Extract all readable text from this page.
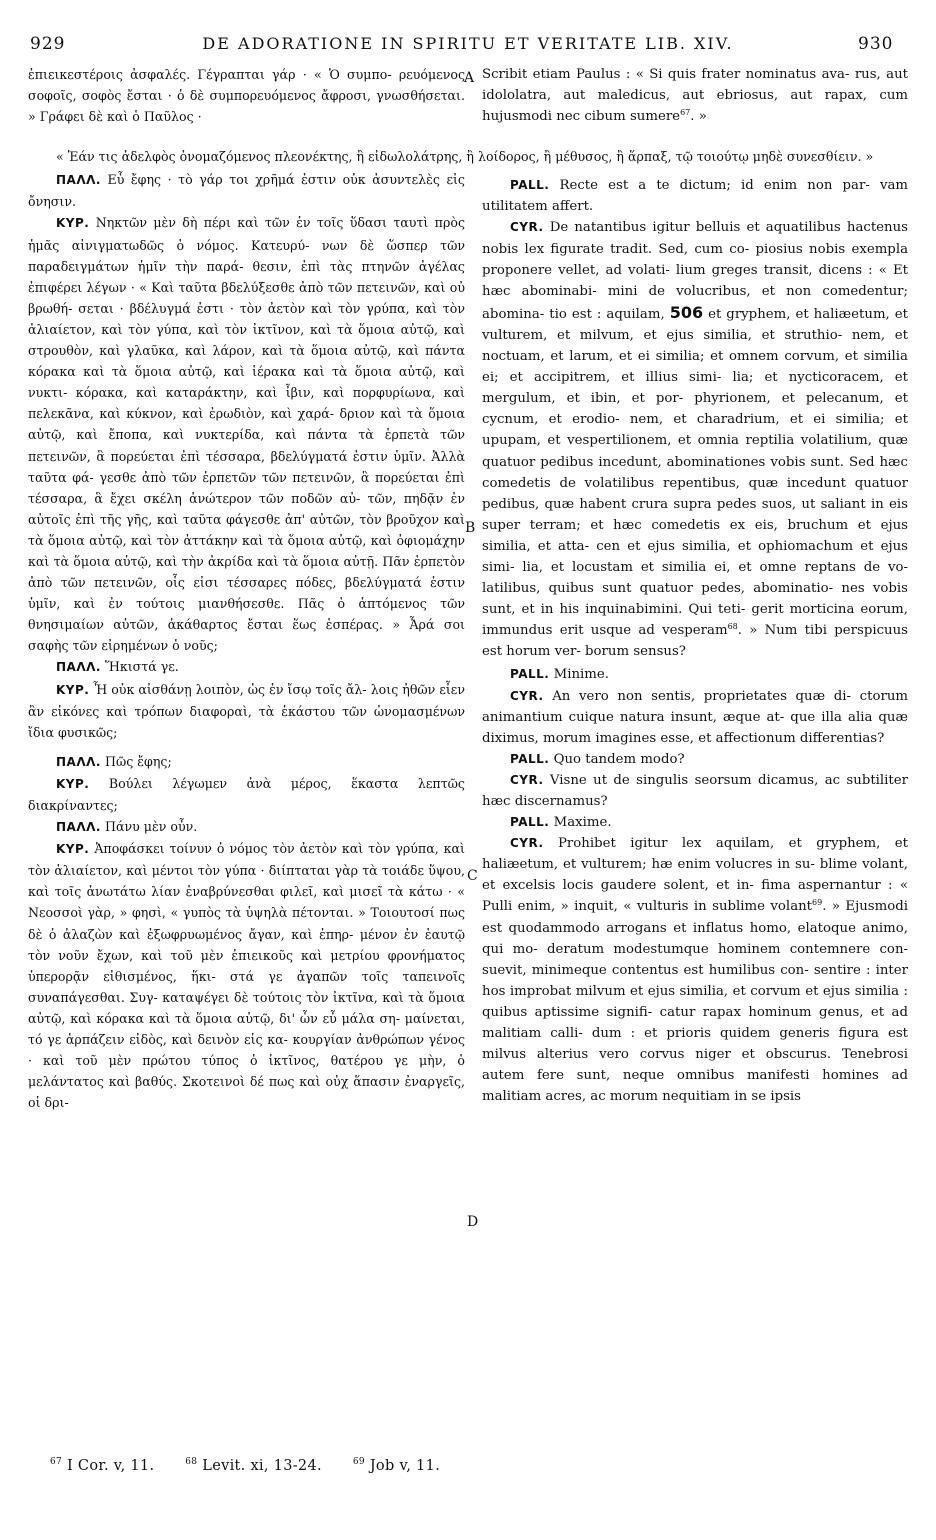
929	DE ADORATIONE IN SPIRITU ET VERITATE LIB. XIV.	930
A
B
C
D

« Ἐάν τις ἀδελφὸς ὀνομαζόμενος πλεονέκτης, ἢ εἰδωλολάτρης, ἢ λοίδορος, ἢ μέθυσος, ἢ ἅρπαξ, τῷ τοιούτῳ μηδὲ συνεσθίειν. »

ἐπιεικεστέροις ἀσφαλές. Γέγραπται γάρ · « Ὁ συμπο- ρευόμενος σοφοῖς, σοφὸς ἔσται · ὁ δὲ συμπορευόμενος ἄφροσι, γνωσθήσεται. » Γράφει δὲ καὶ ὁ Παῦλος ·

ΠΑΛΛ. Εὖ ἔφης · τὸ γάρ τοι χρῆμά ἐστιν οὐκ ἀσυντελὲς εἰς ὄνησιν.

ΚΥΡ. Νηκτῶν μὲν δὴ πέρι καὶ τῶν ἐν τοῖς ὕδασι ταυτὶ πρὸς ἡμᾶς αἰνιγματωδῶς ὁ νόμος. Κατευρύ- νων δὲ ὥσπερ τῶν παραδειγμάτων ἡμῖν τὴν παρά- θεσιν, ἐπὶ τὰς πτηνῶν ἀγέλας ἐπιφέρει λέγων · « Καὶ ταῦτα βδελύξεσθε ἀπὸ τῶν πετεινῶν, καὶ οὐ βρωθή- σεται · βδέλυγμά ἐστι · τὸν ἀετὸν καὶ τὸν γρύπα, καὶ τὸν ἁλιαίετον, καὶ τὸν γύπα, καὶ τὸν ἰκτῖνον, καὶ τὰ ὅμοια αὐτῷ, καὶ στρουθὸν, καὶ γλαῦκα, καὶ λάρον, καὶ τὰ ὅμοια αὐτῷ, καὶ πάντα κόρακα καὶ τὰ ὅμοια αὐτῷ, καὶ ἱέρακα καὶ τὰ ὅμοια αὐτῷ, καὶ νυκτι- κόρακα, καὶ καταράκτην, καὶ ἶβιν, καὶ πορφυρίωνα, καὶ πελεκᾶνα, καὶ κύκνον, καὶ ἐρωδιὸν, καὶ χαρά- δριον καὶ τὰ ὅμοια αὐτῷ, καὶ ἔποπα, καὶ νυκτερίδα, καὶ πάντα τὰ ἑρπετὰ τῶν πετεινῶν, ἃ πορεύεται ἐπὶ τέσσαρα, βδελύγματά ἐστιν ὑμῖν. Ἀλλὰ ταῦτα φά- γεσθε ἀπὸ τῶν ἑρπετῶν τῶν πετεινῶν, ἃ πορεύεται ἐπὶ τέσσαρα, ἃ ἔχει σκέλη ἀνώτερον τῶν ποδῶν αὐ- τῶν, πηδᾷν ἐν αὐτοῖς ἐπὶ τῆς γῆς, καὶ ταῦτα φάγεσθε ἀπ' αὐτῶν, τὸν βροῦχον καὶ τὰ ὅμοια αὐτῷ, καὶ τὸν ἀττάκην καὶ τὰ ὅμοια αὐτῷ, καὶ ὀφιομάχην καὶ τὰ ὅμοια αὐτῷ, καὶ τὴν ἀκρίδα καὶ τὰ ὅμοια αὐτῇ. Πᾶν ἑρπετὸν ἀπὸ τῶν πετεινῶν, οἷς εἰσι τέσσαρες πόδες, βδελύγματά ἐστιν ὑμῖν, καὶ ἐν τούτοις μιανθήσεσθε. Πᾶς ὁ ἁπτόμενος τῶν θνησιμαίων αὐτῶν, ἀκάθαρτος ἔσται ἕως ἑσπέρας. » Ἆρά σοι σαφὴς τῶν εἰρημένων ὁ νοῦς;

ΠΑΛΛ. Ἥκιστά γε.

ΚΥΡ. Ἦ οὐκ αἰσθάνῃ λοιπὸν, ὡς ἐν ἴσῳ τοῖς ἄλ- λοις ἠθῶν εἶεν ἂν εἰκόνες καὶ τρόπων διαφοραὶ, τὰ ἑκάστου τῶν ὠνομασμένων ἴδια φυσικῶς;

ΠΑΛΛ. Πῶς ἔφης;

ΚΥΡ. Βούλει λέγωμεν ἀνὰ μέρος, ἕκαστα λεπτῶς διακρίναντες;

ΠΑΛΛ. Πάνυ μὲν οὖν.

ΚΥΡ. Ἀποφάσκει τοίνυν ὁ νόμος τὸν ἀετὸν καὶ τὸν γρύπα, καὶ τὸν ἁλιαίετον, καὶ μέντοι τὸν γύπα · διίπταται γὰρ τὰ τοιάδε ὕψου, καὶ τοῖς ἀνωτάτω λίαν ἐναβρύνεσθαι φιλεῖ, καὶ μισεῖ τὰ κάτω · « Νεοσσοὶ γὰρ, » φησὶ, « γυπὸς τὰ ὑψηλὰ πέτονται. » Τοιουτοσί πως δὲ ὁ ἀλαζὼν καὶ ἐξωφρυωμένος ἄγαν, καὶ ἐπηρ- μένον ἐν ἑαυτῷ τὸν νοῦν ἔχων, καὶ τοῦ μὲν ἐπιεικοῦς καὶ μετρίου φρονήματος ὑπερορᾷν εἰθισμένος, ἥκι- στά γε ἀγαπῶν τοῖς ταπεινοῖς συναπάγεσθαι. Συγ- καταψέγει δὲ τούτοις τὸν ἰκτῖνα, καὶ τὰ ὅμοια αὐτῷ, καὶ κόρακα καὶ τὰ ὅμοια αὐτῷ, δι' ὧν εὖ μάλα ση- μαίνεται, τό γε ἁρπάζειν εἰδὸς, καὶ δεινὸν εἰς κα- κουργίαν ἀνθρώπων γένος · καὶ τοῦ μὲν πρώτου τύπος ὁ ἰκτῖνος, θατέρου γε μὴν, ὁ μελάντατος καὶ βαθύς. Σκοτεινοὶ δέ πως καὶ οὐχ ἅπασιν ἐναργεῖς, οἱ δρι-

Scribit etiam Paulus : « Si quis frater nominatus ava- rus, aut idololatra, aut maledicus, aut ebriosus, aut rapax, cum hujusmodi nec cibum sumere$^{67}$. »

PALL. Recte est a te dictum; id enim non par- vam utilitatem affert.

CYR. De natantibus igitur belluis et aquatilibus hactenus nobis lex figurate tradit. Sed, cum co- piosius nobis exempla proponere vellet, ad volati- lium greges transit, dicens : « Et hæc abominabi- mini de volucribus, et non comedentur; abomina- tio est : aquilam, 506 et gryphem, et haliæetum, et vulturem, et milvum, et ejus similia, et struthio- nem, et noctuam, et larum, et ei similia; et omnem corvum, et similia ei; et accipitrem, et illius simi- lia; et nycticoracem, et mergulum, et ibin, et por- phyrionem, et pelecanum, et cycnum, et erodio- nem, et charadrium, et ei similia; et upupam, et vespertilionem, et omnia reptilia volatilium, quæ quatuor pedibus incedunt, abominationes vobis sunt. Sed hæc comedetis de volatilibus repentibus, quæ incedunt quatuor pedibus, quæ habent crura supra pedes suos, ut saliant in eis super terram; et hæc comedetis ex eis, bruchum et ejus similia, et atta- cen et ejus similia, et ophiomachum et ejus simi- lia, et locustam et similia ei, et omne reptans de vo- latilibus, quibus sunt quatuor pedes, abominatio- nes vobis sunt, et in his inquinabimini. Qui teti- gerit morticina eorum, immundus erit usque ad vesperam$^{68}$. » Num tibi perspicuus est horum ver- borum sensus?

PALL. Minime.

CYR. An vero non sentis, proprietates quæ di- ctorum animantium cuique natura insunt, æque at- que illa alia quæ diximus, morum imagines esse, et affectionum differentias?

PALL. Quo tandem modo?

CYR. Visne ut de singulis seorsum dicamus, ac subtiliter hæc discernamus?

PALL. Maxime.

CYR. Prohibet igitur lex aquilam, et gryphem, et haliæetum, et vulturem; hæ enim volucres in su- blime volant, et excelsis locis gaudere solent, et in- fima aspernantur : « Pulli enim, » inquit, « vulturis in sublime volant$^{69}$. » Ejusmodi est quodammodo arrogans et inflatus homo, elatoque animo, qui mo- deratum modestumque hominem contemnere con- suevit, minimeque contentus est humilibus con- sentire : inter hos improbat milvum et ejus similia, et corvum et ejus similia : quibus aptissime signifi- catur rapax hominum genus, et ad malitiam calli- dum : et prioris quidem generis figura est milvus alterius vero corvus niger et obscurus. Tenebrosi autem fere sunt, neque omnibus manifesti homines ad malitiam acres, ac morum nequitiam in se ipsis

$^{67}$ I Cor. v, 11.	$^{68}$ Levit. xi, 13-24.	$^{69}$ Job v, 11.
